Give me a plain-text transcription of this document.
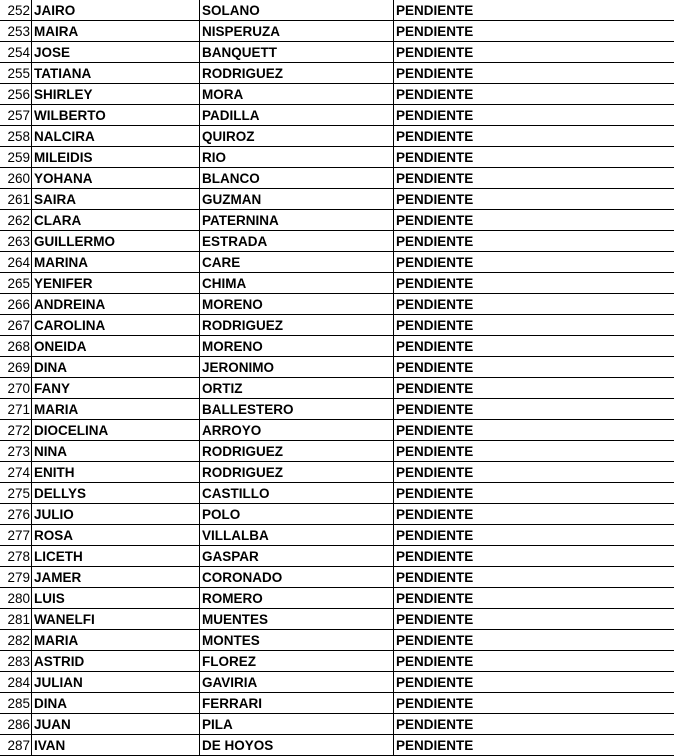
252	JAIRO	SOLANO	PENDIENTE
253	MAIRA	NISPERUZA	PENDIENTE
254	JOSE	BANQUETT	PENDIENTE
255	TATIANA	RODRIGUEZ	PENDIENTE
256	SHIRLEY	MORA	PENDIENTE
257	WILBERTO	PADILLA	PENDIENTE
258	NALCIRA	QUIROZ	PENDIENTE
259	MILEIDIS	RIO	PENDIENTE
260	YOHANA	BLANCO	PENDIENTE
261	SAIRA	GUZMAN	PENDIENTE
262	CLARA	PATERNINA	PENDIENTE
263	GUILLERMO	ESTRADA	PENDIENTE
264	MARINA	CARE	PENDIENTE
265	YENIFER	CHIMA	PENDIENTE
266	ANDREINA	MORENO	PENDIENTE
267	CAROLINA	RODRIGUEZ	PENDIENTE
268	ONEIDA	MORENO	PENDIENTE
269	DINA	JERONIMO	PENDIENTE
270	FANY	ORTIZ	PENDIENTE
271	MARIA	BALLESTERO	PENDIENTE
272	DIOCELINA	ARROYO	PENDIENTE
273	NINA	RODRIGUEZ	PENDIENTE
274	ENITH	RODRIGUEZ	PENDIENTE
275	DELLYS	CASTILLO	PENDIENTE
276	JULIO	POLO	PENDIENTE
277	ROSA	VILLALBA	PENDIENTE
278	LICETH	GASPAR	PENDIENTE
279	JAMER	CORONADO	PENDIENTE
280	LUIS	ROMERO	PENDIENTE
281	WANELFI	MUENTES	PENDIENTE
282	MARIA	MONTES	PENDIENTE
283	ASTRID	FLOREZ	PENDIENTE
284	JULIAN	GAVIRIA	PENDIENTE
285	DINA	FERRARI	PENDIENTE
286	JUAN	PILA	PENDIENTE
287	IVAN	DE HOYOS	PENDIENTE
